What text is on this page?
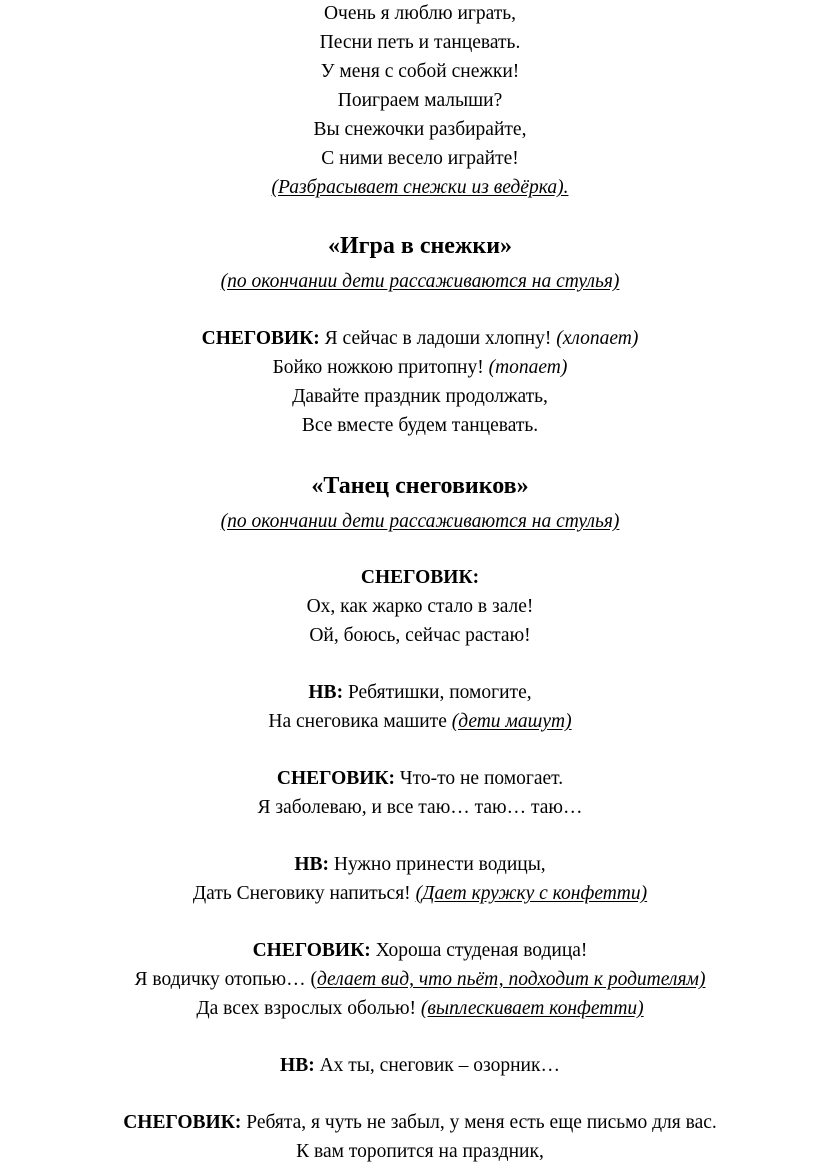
Очень я люблю играть,
Песни петь и танцевать.
У меня с собой снежки!
Поиграем малыши?
Вы снежочки разбирайте,
С ними весело играйте!
(Разбрасывает снежки из ведёрка).
«Игра в снежки»
(по окончании дети рассаживаются на стулья)
СНЕГОВИК: Я сейчас в ладоши хлопну! (хлопает)
Бойко ножкою притопну! (топает)
Давайте праздник продолжать,
Все вместе будем танцевать.
«Танец снеговиков»
(по окончании дети рассаживаются на стулья)
СНЕГОВИК:
Ох, как жарко стало в зале!
Ой, боюсь, сейчас растаю!
НВ: Ребятишки, помогите,
На снеговика машите (дети машут)
СНЕГОВИК: Что-то не помогает.
Я заболеваю, и все таю… таю… таю…
НВ: Нужно принести водицы,
Дать Снеговику напиться! (Дает кружку с конфетти)
СНЕГОВИК: Хороша студеная водица!
Я водичку отопью… (делает вид, что пьёт, подходит к родителям)
Да всех взрослых оболью! (выплескивает конфетти)
НВ: Ах ты, снеговик – озорник…
СНЕГОВИК: Ребята, я чуть не забыл, у меня есть еще письмо для вас.
К вам торопится на праздник,
